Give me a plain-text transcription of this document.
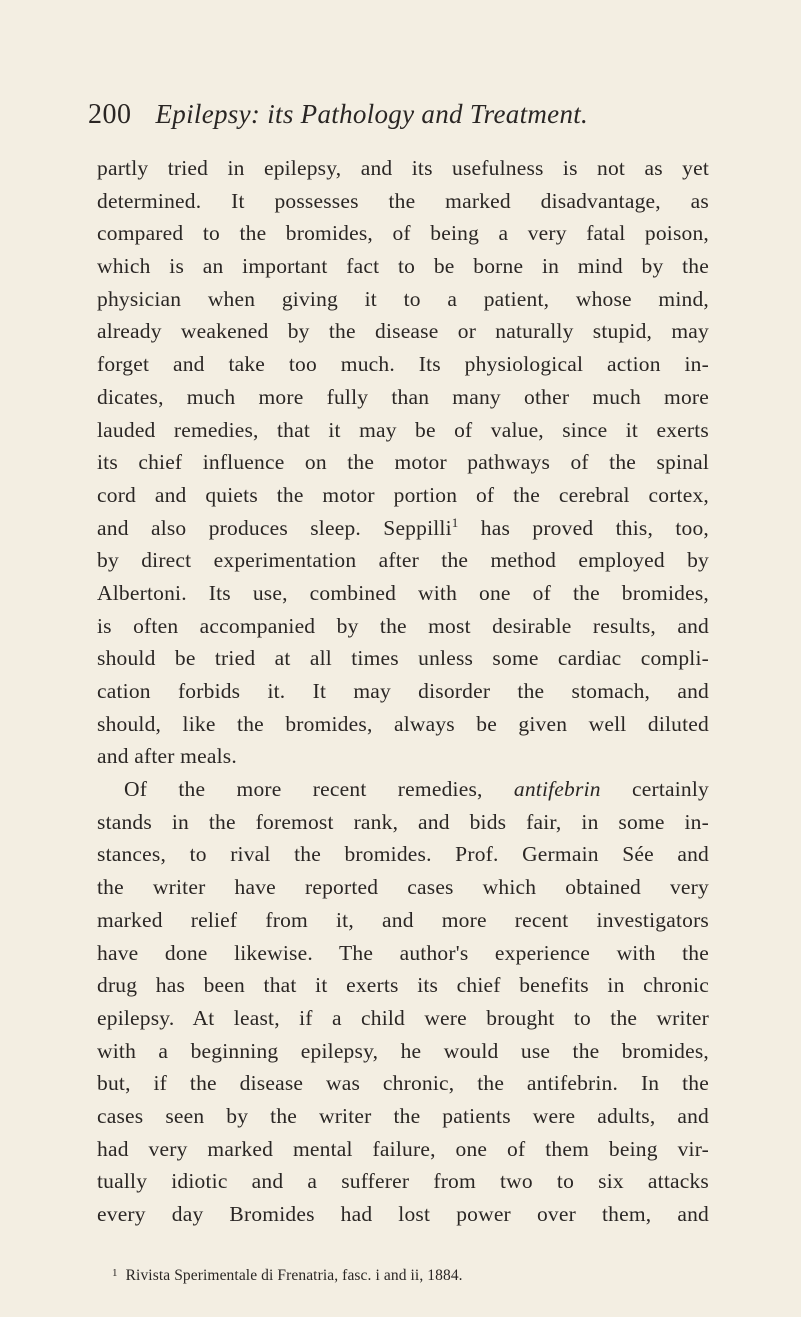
200 Epilepsy: its Pathology and Treatment.
partly tried in epilepsy, and its usefulness is not as yet
determined. It possesses the marked disadvantage, as
compared to the bromides, of being a very fatal poison,
which is an important fact to be borne in mind by the
physician when giving it to a patient, whose mind,
already weakened by the disease or naturally stupid, may
forget and take too much. Its physiological action in-
dicates, much more fully than many other much more
lauded remedies, that it may be of value, since it exerts
its chief influence on the motor pathways of the spinal
cord and quiets the motor portion of the cerebral cortex,
and also produces sleep. Seppilli$^1$ has proved this, too,
by direct experimentation after the method employed by
Albertoni. Its use, combined with one of the bromides,
is often accompanied by the most desirable results, and
should be tried at all times unless some cardiac compli-
cation forbids it. It may disorder the stomach, and
should, like the bromides, always be given well diluted
and after meals.
Of the more recent remedies, antifebrin certainly
stands in the foremost rank, and bids fair, in some in-
stances, to rival the bromides. Prof. Germain Sée and
the writer have reported cases which obtained very
marked relief from it, and more recent investigators
have done likewise. The author's experience with the
drug has been that it exerts its chief benefits in chronic
epilepsy. At least, if a child were brought to the writer
with a beginning epilepsy, he would use the bromides,
but, if the disease was chronic, the antifebrin. In the
cases seen by the writer the patients were adults, and
had very marked mental failure, one of them being vir-
tually idiotic and a sufferer from two to six attacks
every day Bromides had lost power over them, and
$^1$ Rivista Sperimentale di Frenatria, fasc. i and ii, 1884.
